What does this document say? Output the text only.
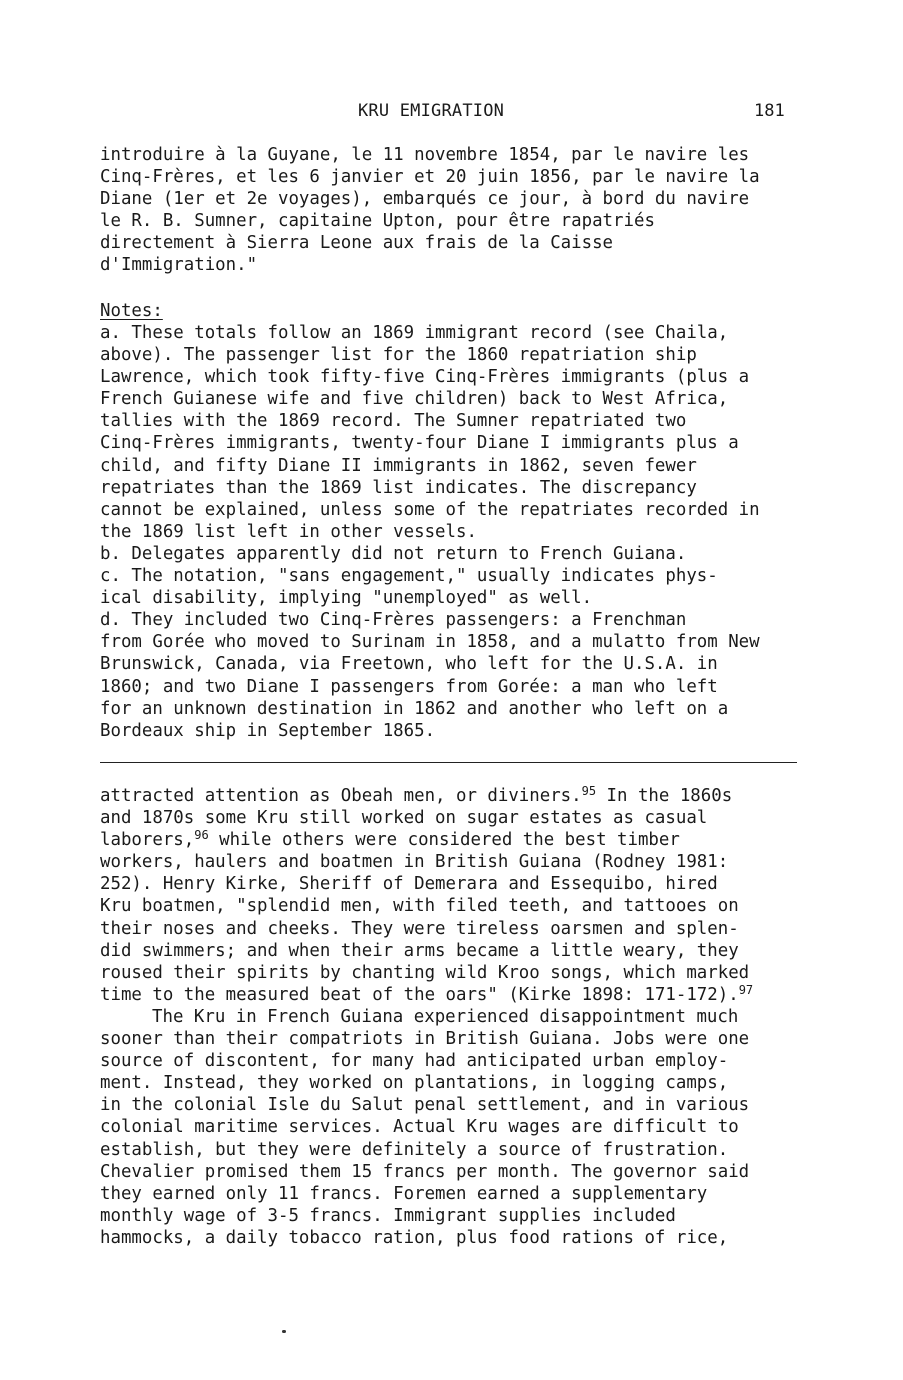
KRU EMIGRATION	181
introduire à la Guyane, le 11 novembre 1854, par le navire les
Cinq-Frères, et les 6 janvier et 20 juin 1856, par le navire la
Diane (1er et 2e voyages), embarqués ce jour, à bord du navire
le R. B. Sumner, capitaine Upton, pour être rapatriés
directement à Sierra Leone aux frais de la Caisse
d'Immigration."
Notes:
a. These totals follow an 1869 immigrant record (see Chaila,
above). The passenger list for the 1860 repatriation ship
Lawrence, which took fifty-five Cinq-Frères immigrants (plus a
French Guianese wife and five children) back to West Africa,
tallies with the 1869 record. The Sumner repatriated two
Cinq-Frères immigrants, twenty-four Diane I immigrants plus a
child, and fifty Diane II immigrants in 1862, seven fewer
repatriates than the 1869 list indicates. The discrepancy
cannot be explained, unless some of the repatriates recorded in
the 1869 list left in other vessels.
b. Delegates apparently did not return to French Guiana.
c. The notation, "sans engagement," usually indicates phys-
ical disability, implying "unemployed" as well.
d. They included two Cinq-Frères passengers: a Frenchman
from Gorée who moved to Surinam in 1858, and a mulatto from New
Brunswick, Canada, via Freetown, who left for the U.S.A. in
1860; and two Diane I passengers from Gorée: a man who left
for an unknown destination in 1862 and another who left on a
Bordeaux ship in September 1865.
attracted attention as Obeah men, or diviners.$^{95}$ In the 1860s
and 1870s some Kru still worked on sugar estates as casual
laborers,$^{96}$ while others were considered the best timber
workers, haulers and boatmen in British Guiana (Rodney 1981:
252). Henry Kirke, Sheriff of Demerara and Essequibo, hired
Kru boatmen, "splendid men, with filed teeth, and tattooes on
their noses and cheeks. They were tireless oarsmen and splen-
did swimmers; and when their arms became a little weary, they
roused their spirits by chanting wild Kroo songs, which marked
time to the measured beat of the oars" (Kirke 1898: 171-172).$^{97}$
The Kru in French Guiana experienced disappointment much
sooner than their compatriots in British Guiana. Jobs were one
source of discontent, for many had anticipated urban employ-
ment. Instead, they worked on plantations, in logging camps,
in the colonial Isle du Salut penal settlement, and in various
colonial maritime services. Actual Kru wages are difficult to
establish, but they were definitely a source of frustration.
Chevalier promised them 15 francs per month. The governor said
they earned only 11 francs. Foremen earned a supplementary
monthly wage of 3-5 francs. Immigrant supplies included
hammocks, a daily tobacco ration, plus food rations of rice,
